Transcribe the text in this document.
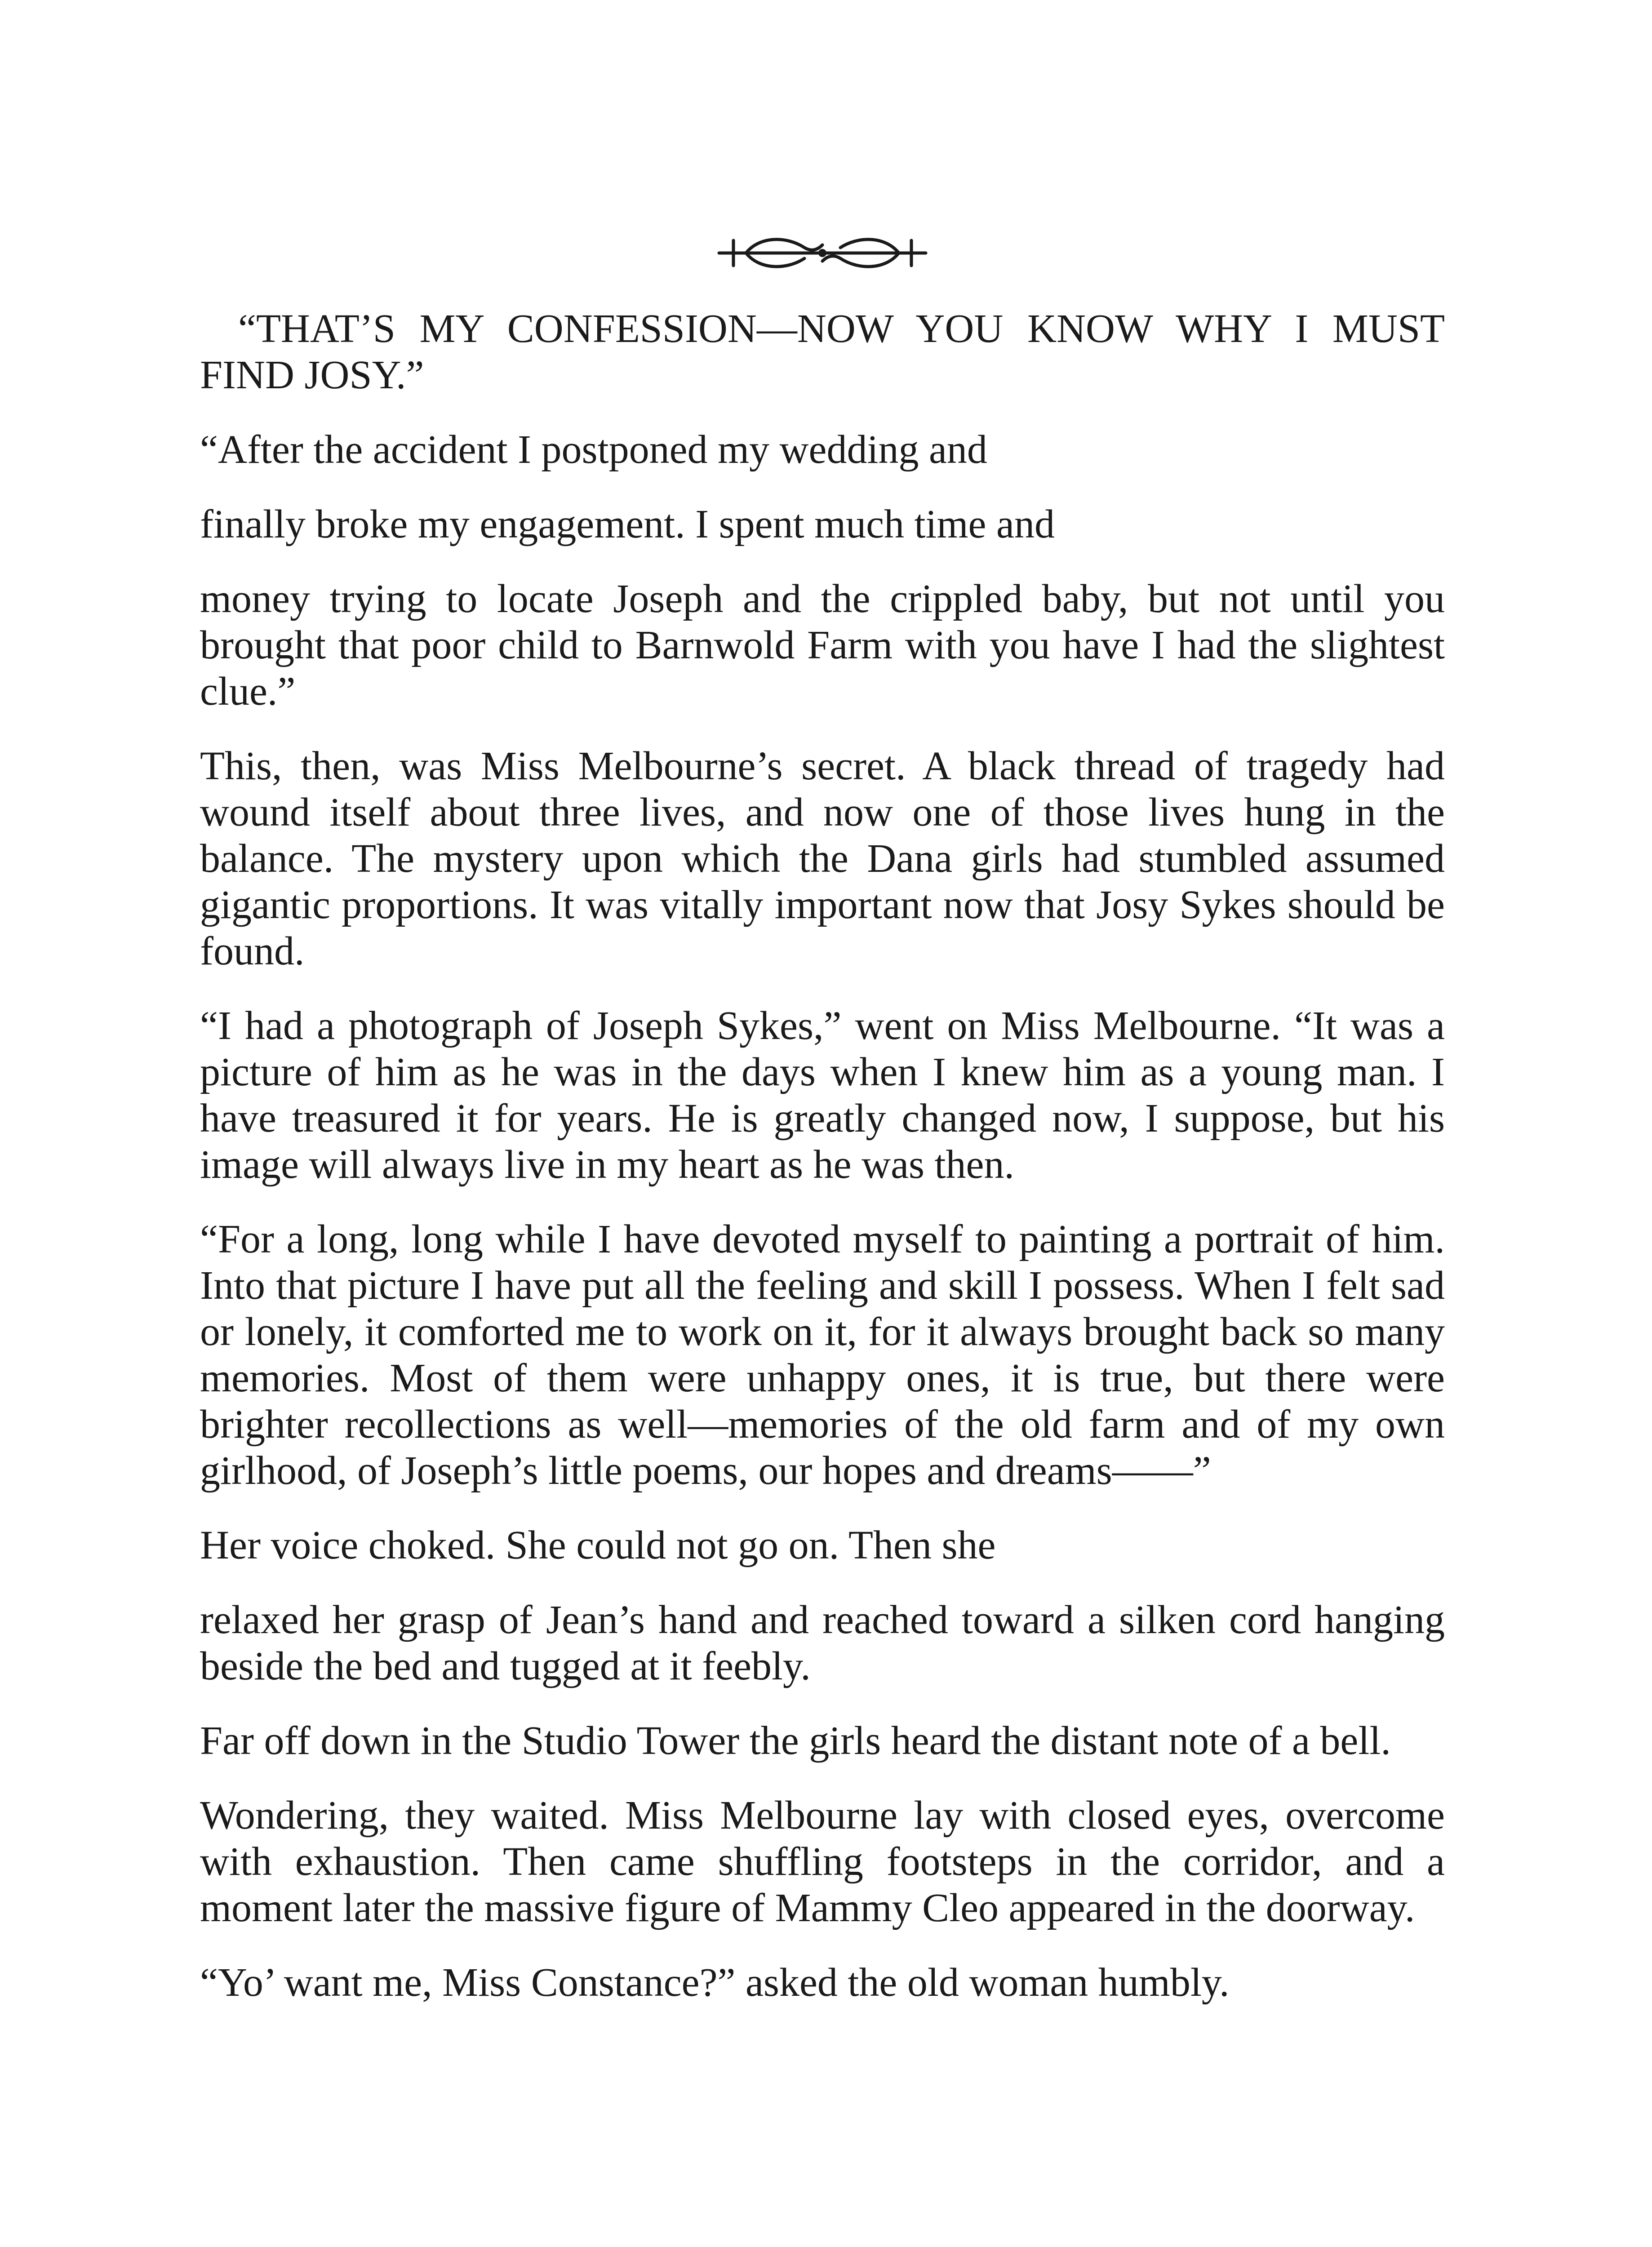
“THAT’S MY CONFESSION—NOW YOU KNOW WHY I MUST FIND JOSY.”

“After the accident I postponed my wedding and

finally broke my engagement. I spent much time and

money trying to locate Joseph and the crippled baby, but not until you brought that poor child to Barnwold Farm with you have I had the slightest clue.”

This, then, was Miss Melbourne’s secret. A black thread of tragedy had wound itself about three lives, and now one of those lives hung in the balance. The mystery upon which the Dana girls had stumbled assumed gigantic proportions. It was vitally important now that Josy Sykes should be found.

“I had a photograph of Joseph Sykes,” went on Miss Melbourne. “It was a picture of him as he was in the days when I knew him as a young man. I have treasured it for years. He is greatly changed now, I suppose, but his image will always live in my heart as he was then.

“For a long, long while I have devoted myself to painting a portrait of him. Into that picture I have put all the feeling and skill I possess. When I felt sad or lonely, it comforted me to work on it, for it always brought back so many memories. Most of them were unhappy ones, it is true, but there were brighter recollections as well—memories of the old farm and of my own girlhood, of Joseph’s little poems, our hopes and dreams——”

Her voice choked. She could not go on. Then she

relaxed her grasp of Jean’s hand and reached toward a silken cord hanging beside the bed and tugged at it feebly.

Far off down in the Studio Tower the girls heard the distant note of a bell.

Wondering, they waited. Miss Melbourne lay with closed eyes, overcome with exhaustion. Then came shuffling footsteps in the corridor, and a moment later the massive figure of Mammy Cleo appeared in the doorway.

“Yo’ want me, Miss Constance?” asked the old woman humbly.
